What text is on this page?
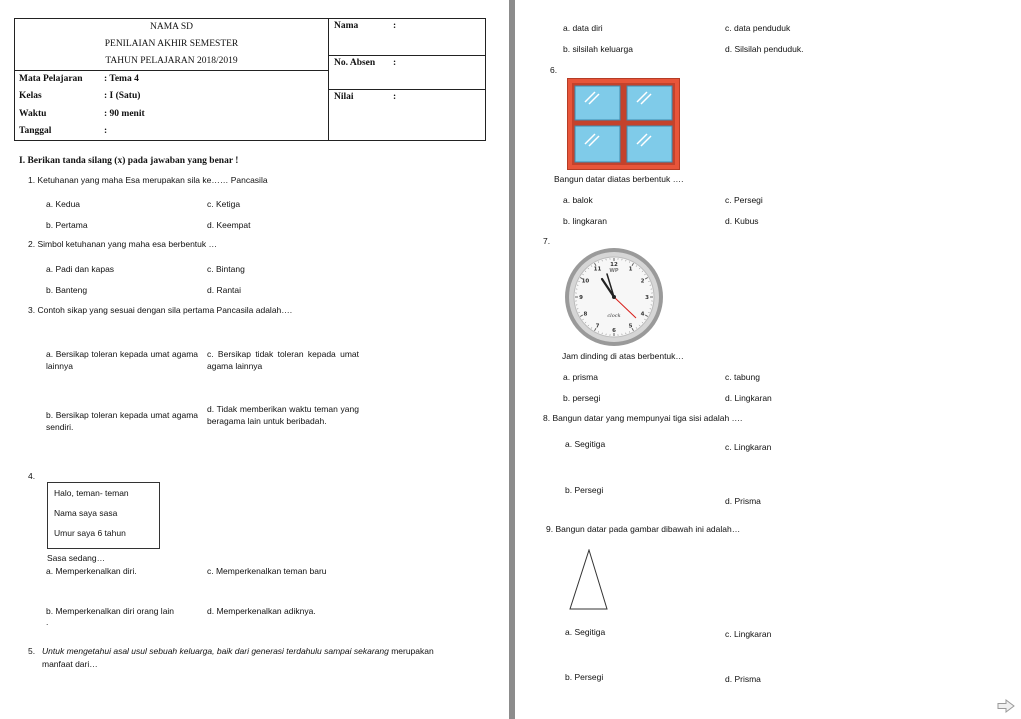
NAMA SD
PENILAIAN AKHIR SEMESTER
TAHUN PELAJARAN 2018/2019
Nama	:
No. Absen :
Nilai	:
Mata Pelajaran : Tema 4
Kelas	: I (Satu)
Waktu	: 90 menit
Tanggal	:
I. Berikan tanda silang (x) pada jawaban yang benar !
1. Ketuhanan yang maha Esa merupakan sila ke…… Pancasila
a. Kedua	c. Ketiga
b. Pertama	d. Keempat
2. Simbol ketuhanan yang maha esa berbentuk …
a. Padi dan kapas	c. Bintang
b. Banteng	d. Rantai
3. Contoh sikap yang sesuai dengan sila pertama Pancasila adalah….
a. Bersikap toleran kepada umat agama lainnya
c. Bersikap tidak toleran kepada umat agama lainnya
b. Bersikap toleran kepada umat agama sendiri.
d. Tidak memberikan waktu teman yang beragama lain untuk beribadah.
4.
Halo, teman- teman
Nama saya sasa
Umur saya 6 tahun
Sasa sedang…
a. Memperkenalkan diri.	c. Memperkenalkan teman baru
b. Memperkenalkan diri orang lain
.
d. Memperkenalkan adiknya.
5. Untuk mengetahui asal usul sebuah keluarga, baik dari generasi terdahulu sampai sekarang merupakan
manfaat dari…
a. data diri	c. data penduduk
b. silsilah keluarga	d. Silsilah penduduk.
6.
Bangun datar diatas berbentuk ….
a. balok	c. Persegi
b. lingkaran	d. Kubus
7.
12
1
2
3
4
5
6
7
8
9
10
11 WP
clock
Jam dinding di atas berbentuk…
a. prisma	c. tabung
b. persegi	d. Lingkaran
8. Bangun datar yang mempunyai tiga sisi adalah ….
a. Segitiga	c. Lingkaran
b. Persegi
d. Prisma
9. Bangun datar pada gambar dibawah ini adalah…
a. Segitiga	c. Lingkaran
b. Persegi	d. Prisma
